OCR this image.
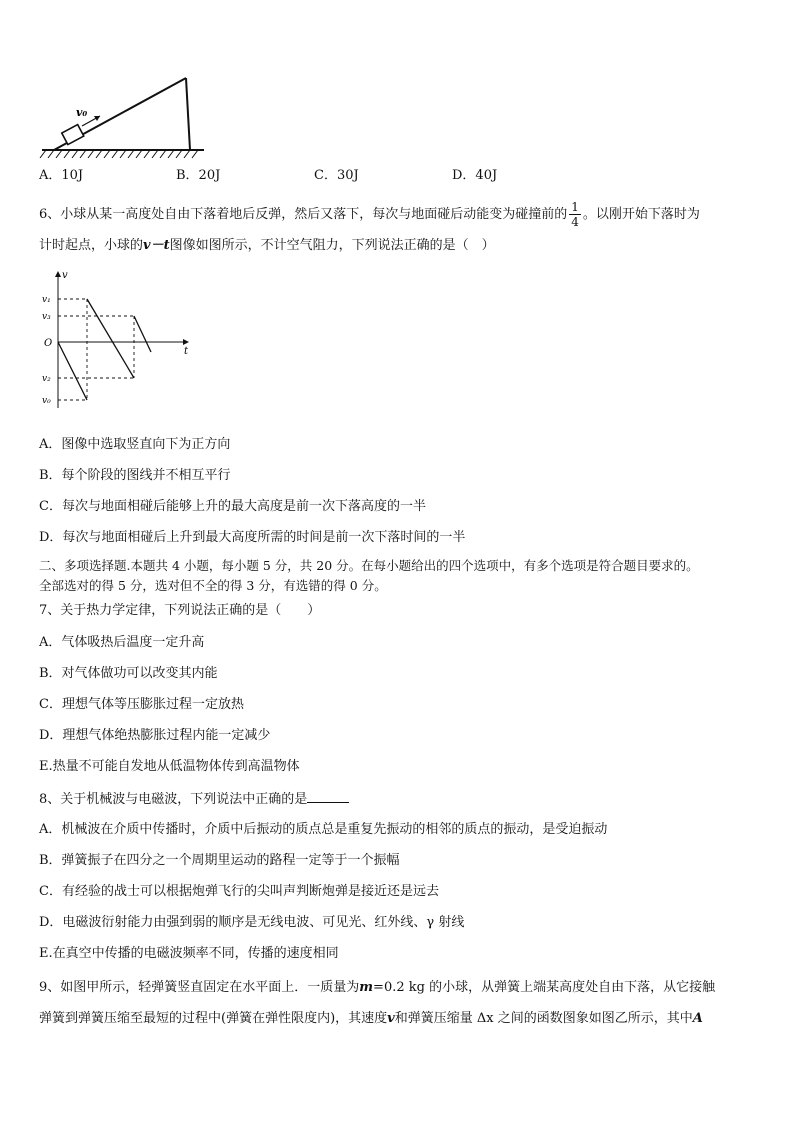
v₀
A．10J	B．20J	C．30J	D．40J
6、小球从某一高度处自由下落着地后反弹，然后又落下，每次与地面碰后动能变为碰撞前的 $\frac{1}{4}$ 。以刚开始下落时为
计时起点，小球的v－t图像如图所示，不计空气阻力，下列说法正确的是（　）
v
t
O
v₁
v₃
v₂
v₀
A．图像中选取竖直向下为正方向
B．每个阶段的图线并不相互平行
C．每次与地面相碰后能够上升的最大高度是前一次下落高度的一半
D．每次与地面相碰后上升到最大高度所需的时间是前一次下落时间的一半
二、多项选择题.本题共 4 小题，每小题 5 分，共 20 分。在每小题给出的四个选项中，有多个选项是符合题目要求的。
全部选对的得 5 分，选对但不全的得 3 分，有选错的得 0 分。
7、关于热力学定律，下列说法正确的是（　　）
A．气体吸热后温度一定升高
B．对气体做功可以改变其内能
C．理想气体等压膨胀过程一定放热
D．理想气体绝热膨胀过程内能一定减少
E.热量不可能自发地从低温物体传到高温物体
8、关于机械波与电磁波，下列说法中正确的是
A．机械波在介质中传播时，介质中后振动的质点总是重复先振动的相邻的质点的振动，是受迫振动
B．弹簧振子在四分之一个周期里运动的路程一定等于一个振幅
C．有经验的战士可以根据炮弹飞行的尖叫声判断炮弹是接近还是远去
D．电磁波衍射能力由强到弱的顺序是无线电波、可见光、红外线、γ 射线
E.在真空中传播的电磁波频率不同，传播的速度相同
9、如图甲所示，轻弹簧竖直固定在水平面上．一质量为m=0.2 kg 的小球，从弹簧上端某高度处自由下落，从它接触
弹簧到弹簧压缩至最短的过程中(弹簧在弹性限度内)，其速度v和弹簧压缩量 Δx 之间的函数图象如图乙所示，其中A
